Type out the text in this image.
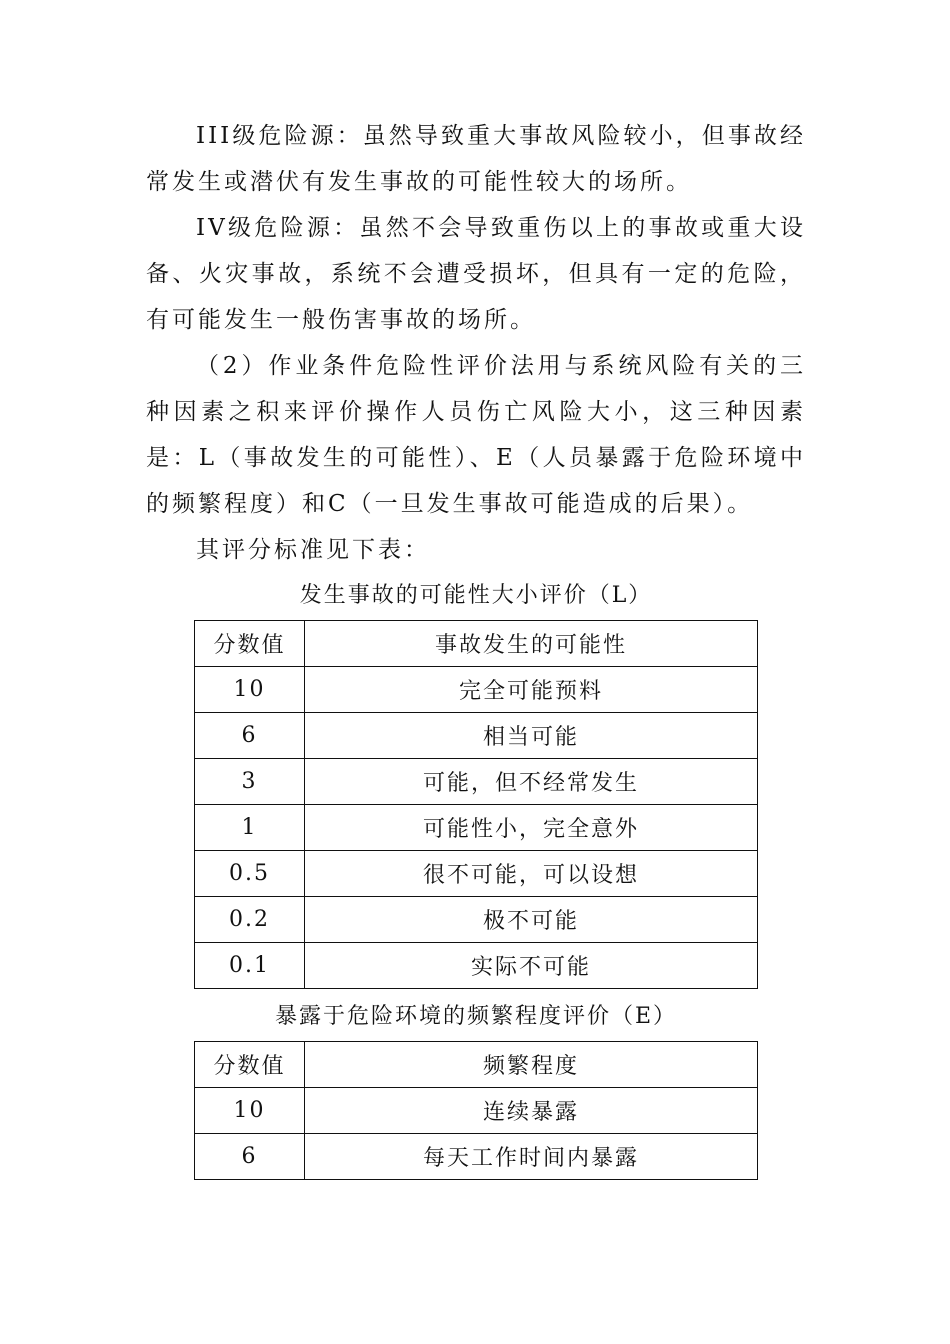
III级危险源：虽然导致重大事故风险较小，但事故经常发生或潜伏有发生事故的可能性较大的场所。

IV级危险源：虽然不会导致重伤以上的事故或重大设备、火灾事故，系统不会遭受损坏，但具有一定的危险，有可能发生一般伤害事故的场所。

（2）作业条件危险性评价法用与系统风险有关的三种因素之积来评价操作人员伤亡风险大小，这三种因素是：L（事故发生的可能性）、E（人员暴露于危险环境中的频繁程度）和C（一旦发生事故可能造成的后果）。

其评分标准见下表：

发生事故的可能性大小评价（L）

分数值	事故发生的可能性
10	完全可能预料
6	相当可能
3	可能，但不经常发生
1	可能性小，完全意外
0.5	很不可能，可以设想
0.2	极不可能
0.1	实际不可能

暴露于危险环境的频繁程度评价（E）

分数值	频繁程度
10	连续暴露
6	每天工作时间内暴露
